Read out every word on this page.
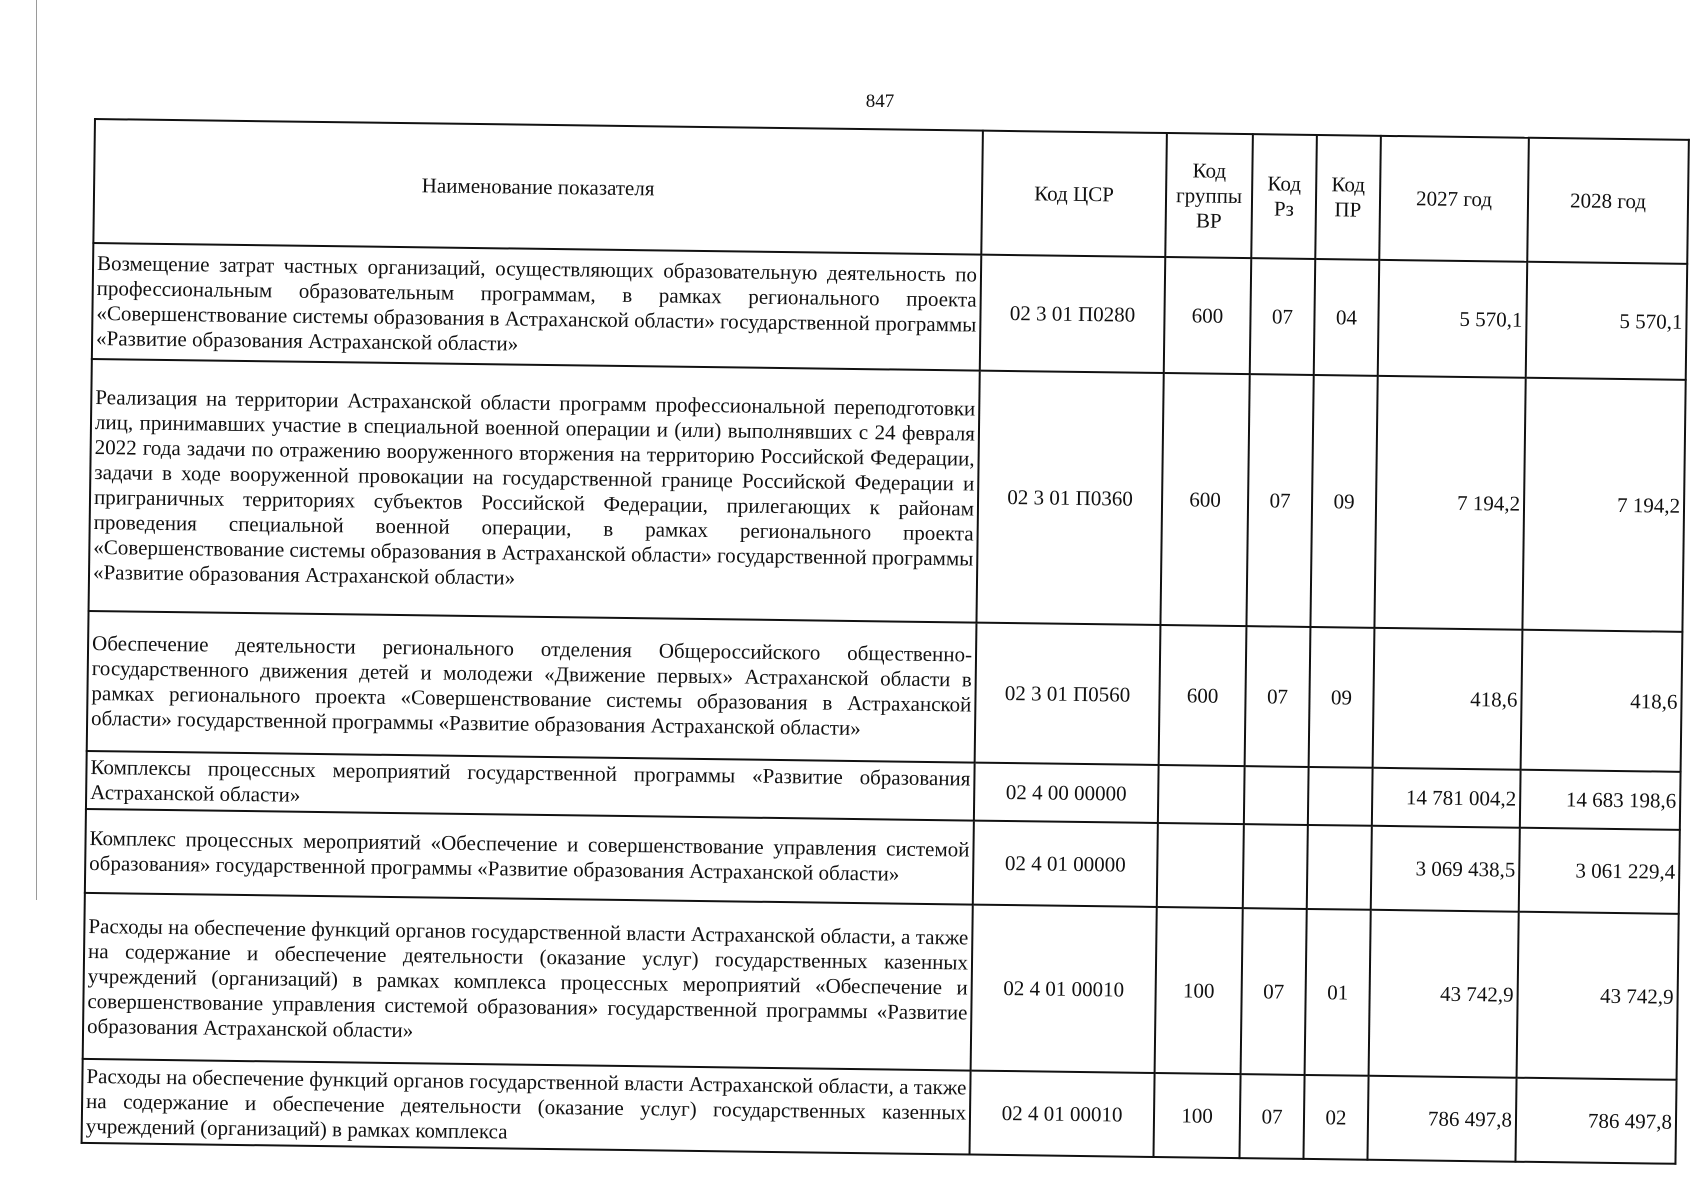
847
Наименование показателя	Код ЦСР	Код группы ВР	Код Рз	Код ПР	2027 год	2028 год
Возмещение затрат частных организаций, осуществляющих образовательную деятельность по профессиональным образовательным программам, в рамках регионального проекта «Совершенствование системы образования в Астраханской области» государственной программы «Развитие образования Астраханской области»	02 3 01 П0280	600	07	04	5 570,1	5 570,1
Реализация на территории Астраханской области программ профессиональной переподготовки лиц, принимавших участие в специальной военной операции и (или) выполнявших с 24 февраля 2022 года задачи по отражению вооруженного вторжения на территорию Российской Федерации, задачи в ходе вооруженной провокации на государственной границе Российской Федерации и приграничных территориях субъектов Российской Федерации, прилегающих к районам проведения специальной военной операции, в рамках регионального проекта «Совершенствование системы образования в Астраханской области» государственной программы «Развитие образования Астраханской области»	02 3 01 П0360	600	07	09	7 194,2	7 194,2
Обеспечение деятельности регионального отделения Общероссийского общественно-государственного движения детей и молодежи «Движение первых» Астраханской области в рамках регионального проекта «Совершенствование системы образования в Астраханской области» государственной программы «Развитие образования Астраханской области»	02 3 01 П0560	600	07	09	418,6	418,6
Комплексы процессных мероприятий государственной программы «Развитие образования Астраханской области»	02 4 00 00000				14 781 004,2	14 683 198,6
Комплекс процессных мероприятий «Обеспечение и совершенствование управления системой образования» государственной программы «Развитие образования Астраханской области»	02 4 01 00000				3 069 438,5	3 061 229,4
Расходы на обеспечение функций органов государственной власти Астраханской области, а также на содержание и обеспечение деятельности (оказание услуг) государственных казенных учреждений (организаций) в рамках комплекса процессных мероприятий «Обеспечение и совершенствование управления системой образования» государственной программы «Развитие образования Астраханской области»	02 4 01 00010	100	07	01	43 742,9	43 742,9
Расходы на обеспечение функций органов государственной власти Астраханской области, а также на содержание и обеспечение деятельности (оказание услуг) государственных казенных учреждений (организаций) в рамках комплекса	02 4 01 00010	100	07	02	786 497,8	786 497,8
